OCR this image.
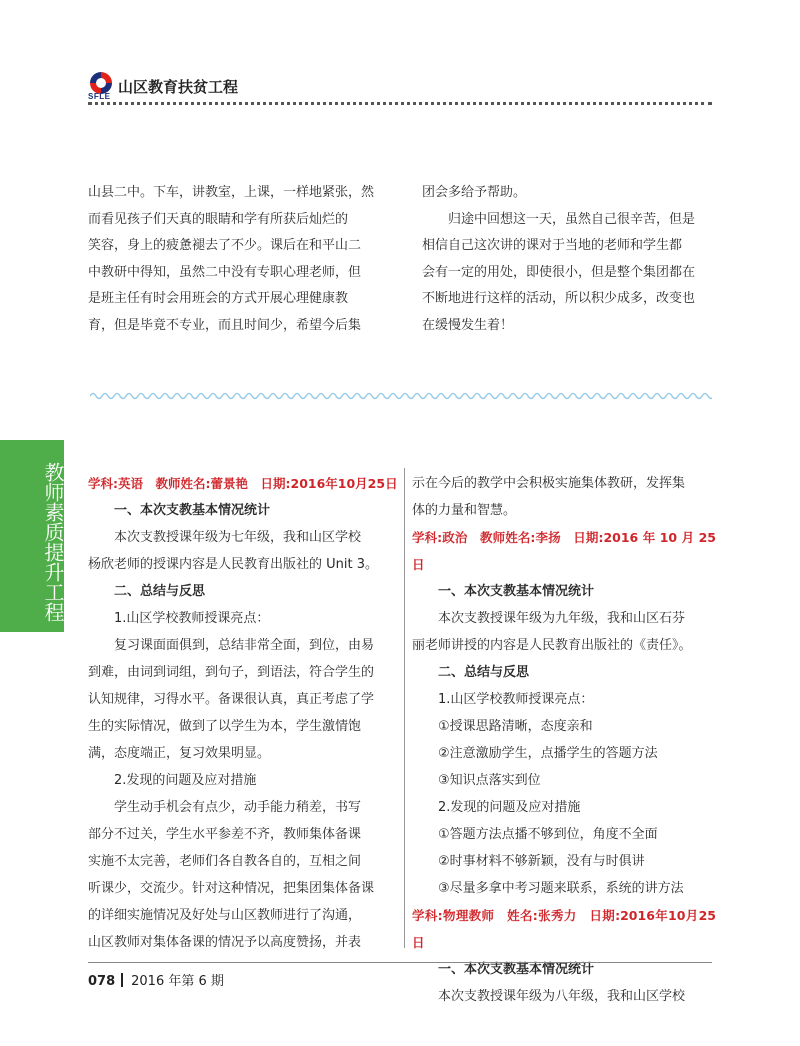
SFLE
山区教育扶贫工程

山县二中。下车，讲教室，上课，一样地紧张，然

而看见孩子们天真的眼睛和学有所获后灿烂的

笑容，身上的疲惫褪去了不少。课后在和平山二

中教研中得知，虽然二中没有专职心理老师，但

是班主任有时会用班会的方式开展心理健康教

育，但是毕竟不专业，而且时间少，希望今后集

团会多给予帮助。

归途中回想这一天，虽然自己很辛苦，但是

相信自己这次讲的课对于当地的老师和学生都

会有一定的用处，即使很小，但是整个集团都在

不断地进行这样的活动，所以积少成多，改变也

在缓慢发生着！

教师素质提升工程 学科:英语　教师姓名:蕾景艳　日期:2016年10月25日

一、本次支教基本情况统计

本次支教授课年级为七年级，我和山区学校

杨欣老师的授课内容是人民教育出版社的 Unit 3。

二、总结与反思

1.山区学校教师授课亮点：

复习课面面俱到，总结非常全面，到位，由易

到难，由词到词组，到句子，到语法，符合学生的

认知规律，习得水平。备课很认真，真正考虑了学

生的实际情况，做到了以学生为本，学生激情饱

满，态度端正，复习效果明显。

2.发现的问题及应对措施

学生动手机会有点少，动手能力稍差，书写

部分不过关，学生水平参差不齐，教师集体备课

实施不太完善，老师们各自教各自的，互相之间

听课少，交流少。针对这种情况，把集团集体备课

的详细实施情况及好处与山区教师进行了沟通，

山区教师对集体备课的情况予以高度赞扬，并表

示在今后的教学中会积极实施集体教研，发挥集

体的力量和智慧。

学科:政治　教师姓名:李扬　日期:2016 年 10 月 25 日

一、本次支教基本情况统计

本次支教授课年级为九年级，我和山区石芬

丽老师讲授的内容是人民教育出版社的《责任》。

二、总结与反思

1.山区学校教师授课亮点：

①授课思路清晰，态度亲和

②注意激励学生，点播学生的答题方法

③知识点落实到位

2.发现的问题及应对措施

①答题方法点播不够到位，角度不全面

②时事材料不够新颖，没有与时俱讲

③尽量多拿中考习题来联系，系统的讲方法

学科:物理教师　姓名:张秀力　日期:2016年10月25日

一、本次支教基本情况统计

本次支教授课年级为八年级，我和山区学校

078 2016 年第 6 期
